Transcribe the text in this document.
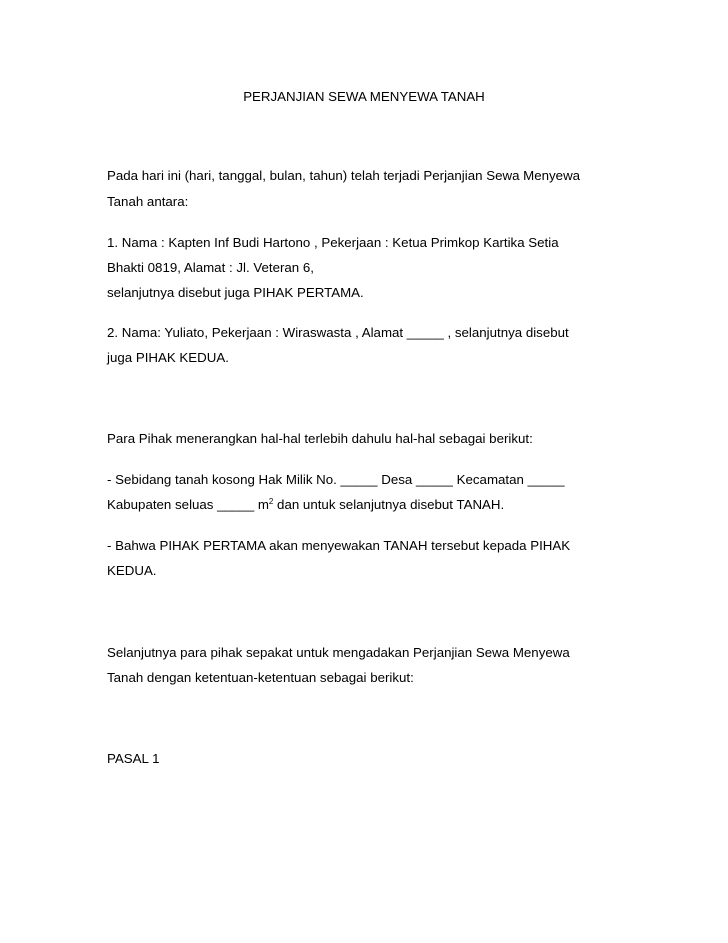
PERJANJIAN SEWA MENYEWA TANAH
Pada hari ini (hari, tanggal, bulan, tahun) telah terjadi Perjanjian Sewa Menyewa
Tanah antara:
1. Nama : Kapten Inf Budi Hartono , Pekerjaan : Ketua Primkop Kartika Setia
Bhakti 0819, Alamat : Jl. Veteran 6,
selanjutnya disebut juga PIHAK PERTAMA.
2. Nama: Yuliato, Pekerjaan : Wiraswasta , Alamat _____ , selanjutnya disebut
juga PIHAK KEDUA.
Para Pihak menerangkan hal-hal terlebih dahulu hal-hal sebagai berikut:
- Sebidang tanah kosong Hak Milik No. _____ Desa _____ Kecamatan _____
Kabupaten seluas _____ $m^2$ dan untuk selanjutnya disebut TANAH.
- Bahwa PIHAK PERTAMA akan menyewakan TANAH tersebut kepada PIHAK
KEDUA.
Selanjutnya para pihak sepakat untuk mengadakan Perjanjian Sewa Menyewa
Tanah dengan ketentuan-ketentuan sebagai berikut:
PASAL 1
